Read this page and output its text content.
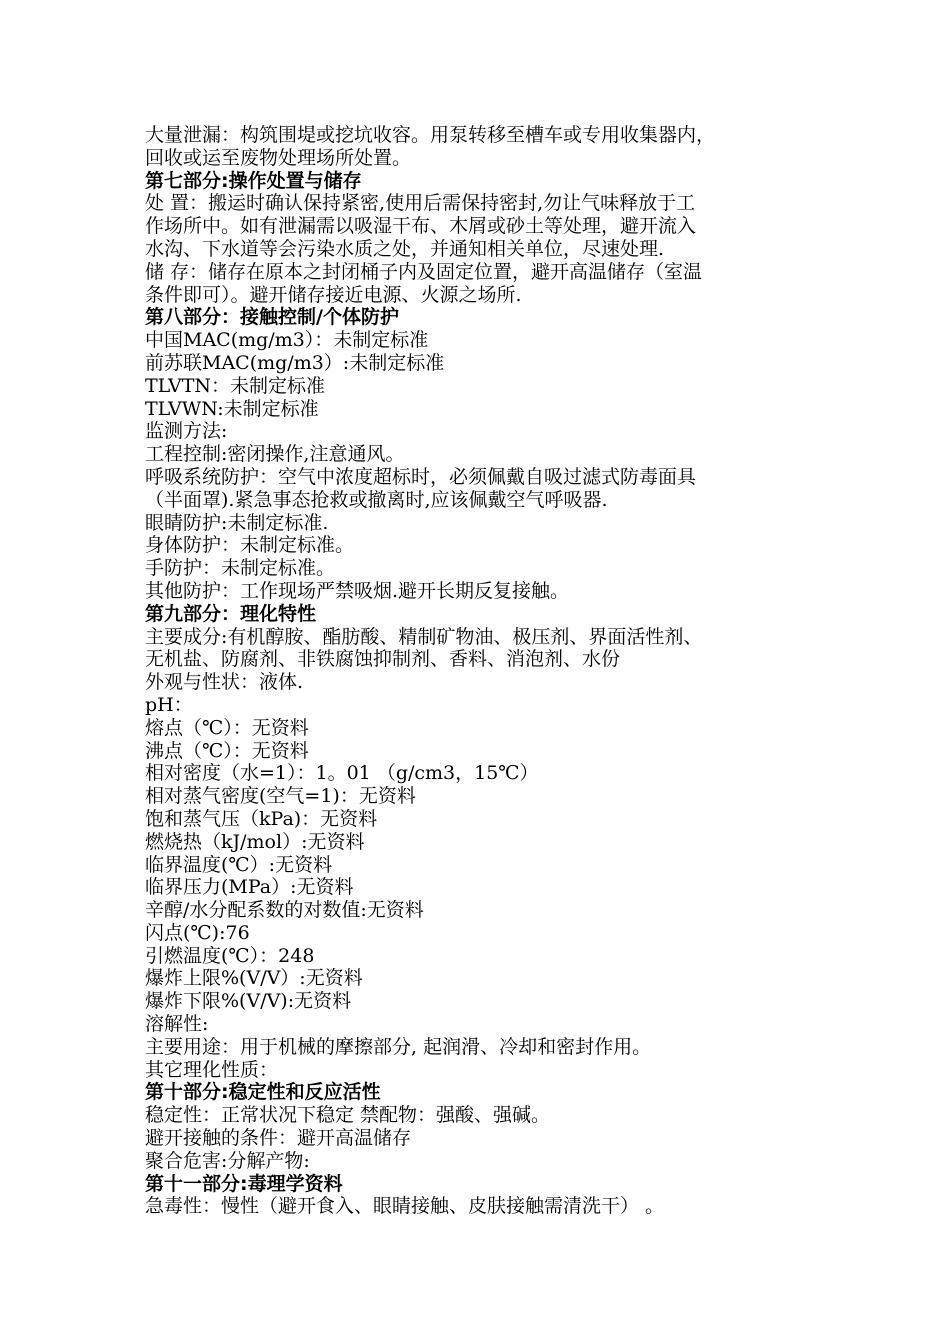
大量泄漏：构筑围堤或挖坑收容。用泵转移至槽车或专用收集器内，
回收或运至废物处理场所处置。
第七部分:操作处置与储存
处 置：搬运时确认保持紧密,使用后需保持密封,勿让气味释放于工
作场所中。如有泄漏需以吸湿干布、木屑或砂土等处理，避开流入
水沟、下水道等会污染水质之处，并通知相关单位，尽速处理.
储 存：储存在原本之封闭桶子内及固定位置，避开高温储存（室温
条件即可）。避开储存接近电源、火源之场所.
第八部分：接触控制/个体防护
中国MAC(mg/m3）：未制定标准
前苏联MAC(mg/m3）:未制定标准
TLVTN：未制定标准
TLVWN:未制定标准
监测方法:
工程控制:密闭操作,注意通风。
呼吸系统防护：空气中浓度超标时，必须佩戴自吸过滤式防毒面具
（半面罩).紧急事态抢救或撤离时,应该佩戴空气呼吸器.
眼睛防护:未制定标准.
身体防护：未制定标准。
手防护：未制定标准。
其他防护：工作现场严禁吸烟.避开长期反复接触。
第九部分：理化特性
主要成分:有机醇胺、酯肪酸、精制矿物油、极压剂、界面活性剂、
无机盐、防腐剂、非铁腐蚀抑制剂、香料、消泡剂、水份
外观与性状：液体.
pH：
熔点（℃）：无资料
沸点（℃）：无资料
相对密度（水=1）：1。01 （g/cm3，15℃）
相对蒸气密度(空气=1)：无资料
饱和蒸气压（kPa)：无资料
燃烧热（kJ/mol）:无资料
临界温度(℃）:无资料
临界压力(MPa）:无资料
辛醇/水分配系数的对数值:无资料
闪点(℃):76
引燃温度(℃）：248
爆炸上限%(V/V）:无资料
爆炸下限%(V/V):无资料
溶解性:
主要用途：用于机械的摩擦部分, 起润滑、冷却和密封作用。
其它理化性质：
第十部分:稳定性和反应活性
稳定性：正常状况下稳定 禁配物：强酸、强碱。
避开接触的条件：避开高温储存
聚合危害:分解产物:
第十一部分:毒理学资料
急毒性：慢性（避开食入、眼睛接触、皮肤接触需清洗干） 。
